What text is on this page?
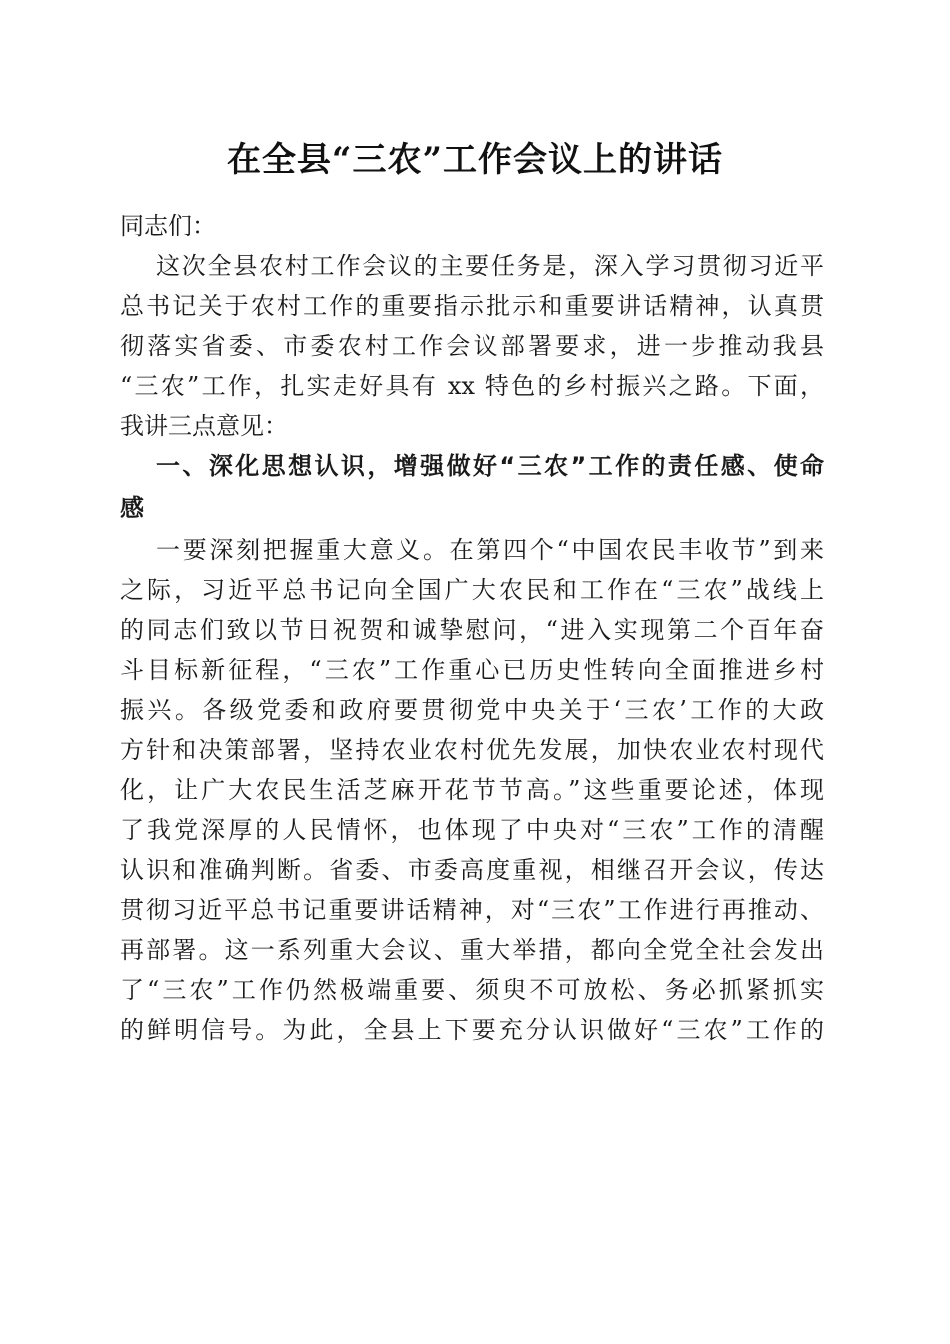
在全县“三农”工作会议上的讲话
同志们：
这次全县农村工作会议的主要任务是，深入学习贯彻习近平
总书记关于农村工作的重要指示批示和重要讲话精神，认真贯
彻落实省委、市委农村工作会议部署要求，进一步推动我县
“三农”工作，扎实走好具有 xx 特色的乡村振兴之路。下面，
我讲三点意见：
一、深化思想认识，增强做好“三农”工作的责任感、使命
感
一要深刻把握重大意义。在第四个“中国农民丰收节”到来
之际，习近平总书记向全国广大农民和工作在“三农”战线上
的同志们致以节日祝贺和诚挚慰问，“进入实现第二个百年奋
斗目标新征程，“三农”工作重心已历史性转向全面推进乡村
振兴。各级党委和政府要贯彻党中央关于‘三农’工作的大政
方针和决策部署，坚持农业农村优先发展，加快农业农村现代
化，让广大农民生活芝麻开花节节高。”这些重要论述，体现
了我党深厚的人民情怀，也体现了中央对“三农”工作的清醒
认识和准确判断。省委、市委高度重视，相继召开会议，传达
贯彻习近平总书记重要讲话精神，对“三农”工作进行再推动、
再部署。这一系列重大会议、重大举措，都向全党全社会发出
了“三农”工作仍然极端重要、须臾不可放松、务必抓紧抓实
的鲜明信号。为此，全县上下要充分认识做好“三农”工作的
